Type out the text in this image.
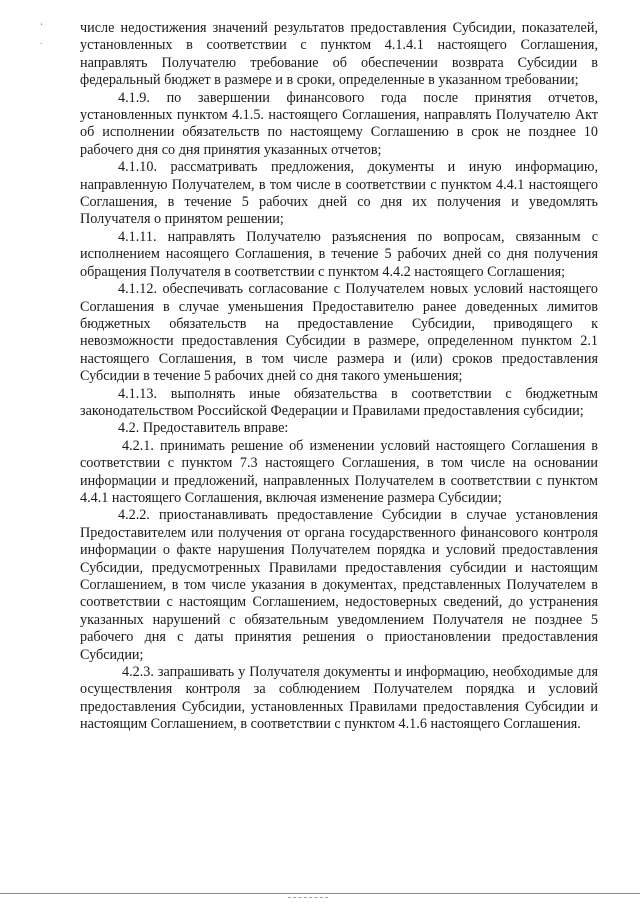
‘
.

числе недостижения значений результатов предоставления Субсидии, показателей, установленных в соответствии с пунктом 4.1.4.1 настоящего Соглашения, направлять Получателю требование об обеспечении возврата Субсидии в федеральный бюджет в размере и в сроки, определенные в указанном требовании;

4.1.9. по завершении финансового года после принятия отчетов, установленных пунктом 4.1.5. настоящего Соглашения, направлять Получателю Акт об исполнении обязательств по настоящему Соглашению в срок не позднее 10 рабочего дня со дня принятия указанных отчетов;

4.1.10. рассматривать предложения, документы и иную информацию, направленную Получателем, в том числе в соответствии с пунктом 4.4.1 настоящего Соглашения, в течение 5 рабочих дней со дня их получения и уведомлять Получателя о принятом решении;

4.1.11. направлять Получателю разъяснения по вопросам, связанным с исполнением насоящего Соглашения, в течение 5 рабочих дней со дня получения обращения Получателя в соответствии с пунктом 4.4.2 настоящего Соглашения;

4.1.12. обеспечивать согласование с Получателем новых условий настоящего Соглашения в случае уменьшения Предоставителю ранее доведенных лимитов бюджетных обязательств на предоставление Субсидии, приводящего к невозможности предоставления Субсидии в размере, определенном пунктом 2.1 настоящего Соглашения, в том числе размера и (или) сроков предоставления Субсидии в течение 5 рабочих дней со дня такого уменьшения;

4.1.13. выполнять иные обязательства в соответствии с бюджетным законодательством Российской Федерации и Правилами предоставления субсидии;

4.2. Предоставитель вправе:

4.2.1. принимать решение об изменении условий настоящего Соглашения в соответствии с пунктом 7.3 настоящего Соглашения, в том числе на основании информации и предложений, направленных Получателем в соответствии с пунктом 4.4.1 настоящего Соглашения, включая изменение размера Субсидии;

4.2.2. приостанавливать предоставление Субсидии в случае установления Предоставителем или получения от органа государственного финансового контроля информации о факте нарушения Получателем порядка и условий предоставления Субсидии, предусмотренных Правилами предоставления субсидии и настоящим Соглашением, в том числе указания в документах, представленных Получателем в соответствии с настоящим Соглашением, недостоверных сведений, до устранения указанных нарушений с обязательным уведомлением Получателя не позднее 5 рабочего дня с даты принятия решения о приостановлении предоставления Субсидии;

4.2.3. запрашивать у Получателя документы и информацию, необходимые для осуществления контроля за соблюдением Получателем порядка и условий предоставления Субсидии, установленных Правилами предоставления Субсидии и настоящим Соглашением, в соответствии с пунктом 4.1.6 настоящего Соглашения.
